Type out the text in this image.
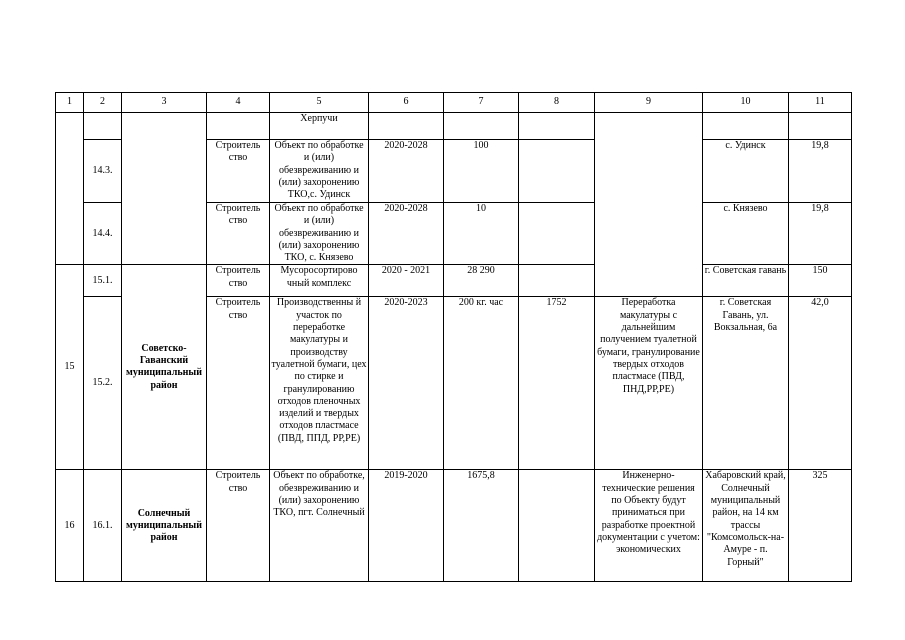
1	2	3	4	5	6	7	8	9	10	11
				Херпучи						
	14.3.		Строитель ство	Объект по обработке и (или) обезвреживанию и (или) захоронению ТКО,с. Удинск	2020-2028	100			с. Удинск	19,8
	14.4.		Строитель ство	Объект по обработке и (или) обезвреживанию и (или) захоронению ТКО, с. Князево	2020-2028	10			с. Князево	19,8
15	15.1.	Советско-Гаванский муниципальный район	Строитель ство	Мусоросортирово чный комплекс	2020 - 2021	28 290			г. Советская гавань	150
	15.2.		Строитель ство	Производственны й участок по переработке макулатуры и производству туалетной бумаги, цех по стирке и гранулированию отходов пленочных изделий и твердых отходов пластмасе (ПВД, ППД, РР,РЕ)	2020-2023	200 кг. час	1752	Переработка макулатуры с дальнейшим получением туалетной бумаги, гранулирование твердых отходов пластмасе (ПВД, ПНД,РР,РЕ)	г. Советская Гавань, ул. Вокзальная, 6а	42,0
16	16.1.	Солнечный муниципальный район	Строитель ство	Объект по обработке, обезвреживанию и (или) захоронению ТКО, пгт. Солнечный	2019-2020	1675,8		Инженерно-технические решения по Объекту будут приниматься при разработке проектной документации с учетом: экономических	Хабаровский край, Солнечный муниципальный район, на 14 км трассы "Комсомольск-на-Амуре - п. Горный"	325
